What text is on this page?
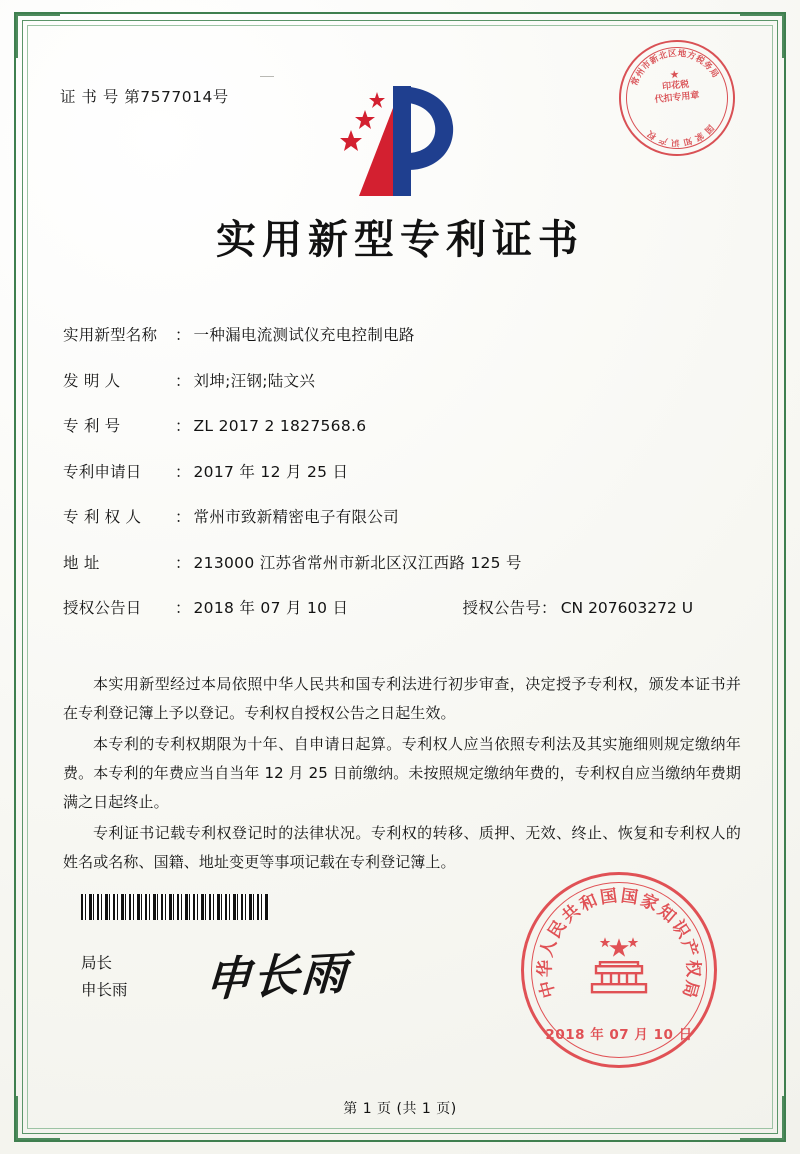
证 书 号 第7577014号
常
州
市
新
北
区 地
方
税
务
局
★
印花税
代扣专用章
国
家
知
识
产
权
实用新型专利证书
实用新型名称	： 一种漏电流测试仪充电控制电路
发 明 人	： 刘坤;汪钢;陆文兴
专 利 号	： ZL 2017 2 1827568.6
专利申请日	： 2017 年 12 月 25 日
专 利 权 人	： 常州市致新精密电子有限公司
地 址	： 213000 江苏省常州市新北区汉江西路 125 号
授权公告日	： 2018 年 07 月 10 日	授权公告号： CN 207603272 U

本实用新型经过本局依照中华人民共和国专利法进行初步审查，决定授予专利权，颁发本证书并在专利登记簿上予以登记。专利权自授权公告之日起生效。

本专利的专利权期限为十年、自申请日起算。专利权人应当依照专利法及其实施细则规定缴纳年费。本专利的年费应当自当年 12 月 25 日前缴纳。未按照规定缴纳年费的，专利权自应当缴纳年费期满之日起终止。

专利证书记载专利权登记时的法律状况。专利权的转移、质押、无效、终止、恢复和专利权人的姓名或名称、国籍、地址变更等事项记载在专利登记簿上。

局长
申长雨 申长雨	中
华
人
民
共
和
国 国
家
知
识
产
权
局
2018 年 07 月 10 日
第 1 页 (共 1 页)
